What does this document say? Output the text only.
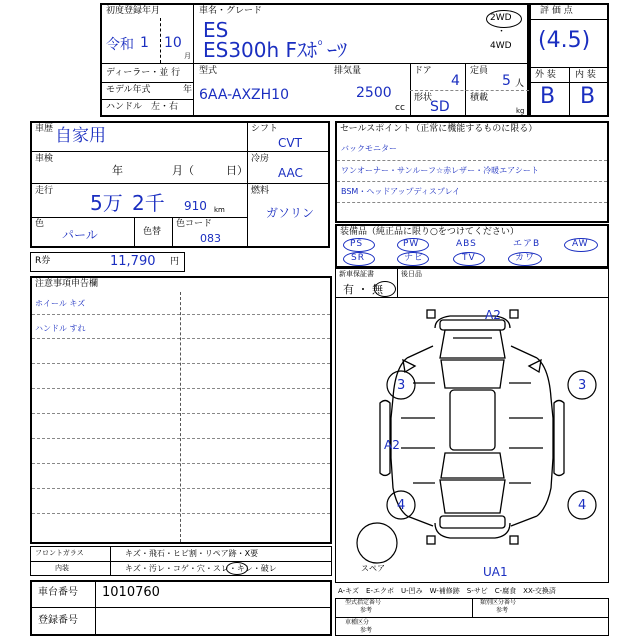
初度登録年月
令和 1 10
月
車名・グレード
ES
ES300h Fｽﾎﾟｰﾂ
2WD
・
4WD
ディーラー・並 行
モデル年式	年
ハンドル　左・右
型式
6AA-AXZH10
排気量
2500
cc
ドア
4
形状
SD
定員
5 人
積載
kg
評 価 点
(4.5)
外 装 内 装
B B
車歴 自家用
車検
年	月（	日）
走行 5万 2千 910 km
色
パール	色替
色コード
083
シフト
CVT
冷房
AAC
燃料
ガソリン
R券	11,790 円
セールスポイント（正常に機能するものに限る）
バックモニター
ワンオーナー・サンルーフ☆赤レザー・冷暖エアシート
BSM・ヘッドアップディスプレイ
装備品（純正品に限り○をつけてください）
PS	PW	ABS	エアB	AW
SR	ナビ	TV	カワ
新車保証書
有 ・ 無
後日品
注意事項申告欄
ホイール キズ
ハンドル すれ
フロントガラス	キズ・飛石・ヒビ割・リペア跡・X要
内装	キズ・汚レ・コゲ・穴・スレ・キレ・破レ
車台番号 1010760
登録番号
A2
3	3
A2
4	4
UA1
スペア
A-キズ　E-エクボ　U-凹み　W-補修跡　S-サビ　C-腐食　XX-交換済
型式指定番号
参考
類別区分番号
参考
車種区分
参考
